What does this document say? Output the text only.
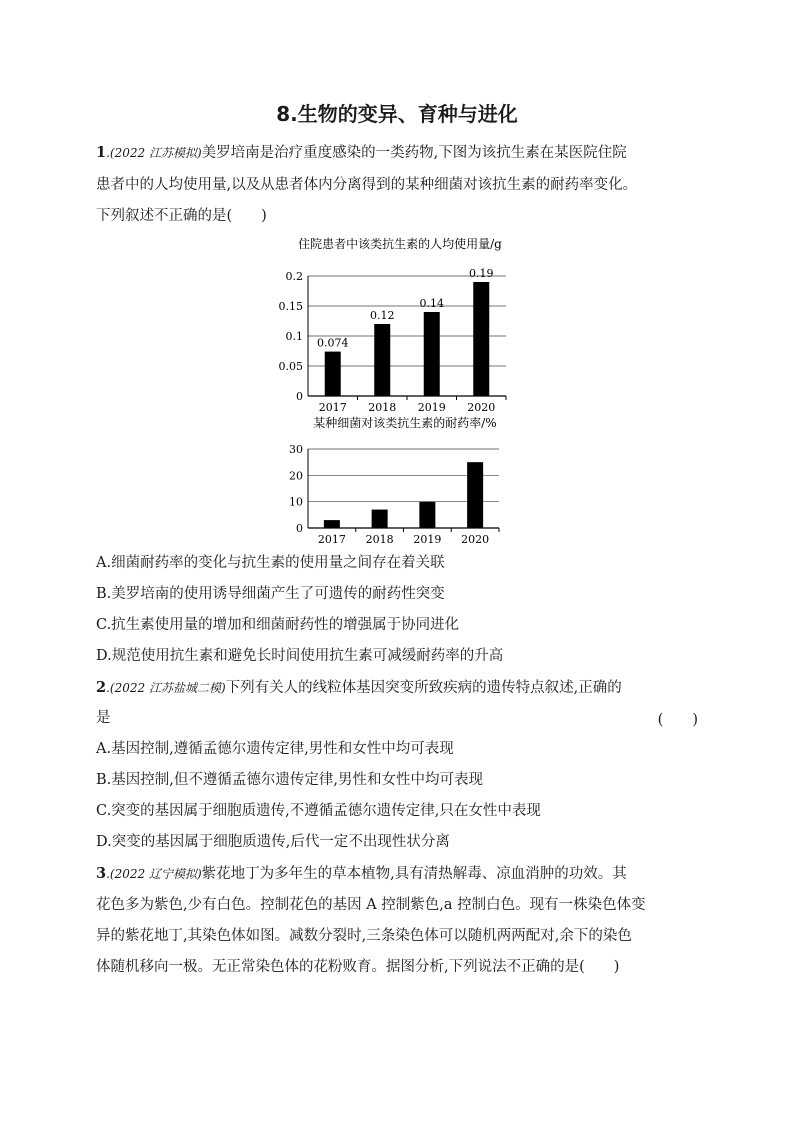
8.生物的变异、育种与进化
1.(2022 江苏模拟)美罗培南是治疗重度感染的一类药物,下图为该抗生素在某医院住院
患者中的人均使用量,以及从患者体内分离得到的某种细菌对该抗生素的耐药率变化。
下列叙述不正确的是(　　)
住院患者中该类抗生素的人均使用量/g
0
0.05
0.1
0.15
0.2
2017
0.074
2018
0.12
2019
0.14
2020
0.19
某种细菌对该类抗生素的耐药率/%
0
10
20
30
2017 2018 2019 2020
A.细菌耐药率的变化与抗生素的使用量之间存在着关联
B.美罗培南的使用诱导细菌产生了可遗传的耐药性突变
C.抗生素使用量的增加和细菌耐药性的增强属于协同进化
D.规范使用抗生素和避免长时间使用抗生素可减缓耐药率的升高
2.(2022 江苏盐城二模)下列有关人的线粒体基因突变所致疾病的遗传特点叙述,正确的
是	(　　)
A.基因控制,遵循孟德尔遗传定律,男性和女性中均可表现
B.基因控制,但不遵循孟德尔遗传定律,男性和女性中均可表现
C.突变的基因属于细胞质遗传,不遵循孟德尔遗传定律,只在女性中表现
D.突变的基因属于细胞质遗传,后代一定不出现性状分离
3.(2022 辽宁模拟)紫花地丁为多年生的草本植物,具有清热解毒、凉血消肿的功效。其
花色多为紫色,少有白色。控制花色的基因 A 控制紫色,a 控制白色。现有一株染色体变
异的紫花地丁,其染色体如图。减数分裂时,三条染色体可以随机两两配对,余下的染色
体随机移向一极。无正常染色体的花粉败育。据图分析,下列说法不正确的是(　　)
